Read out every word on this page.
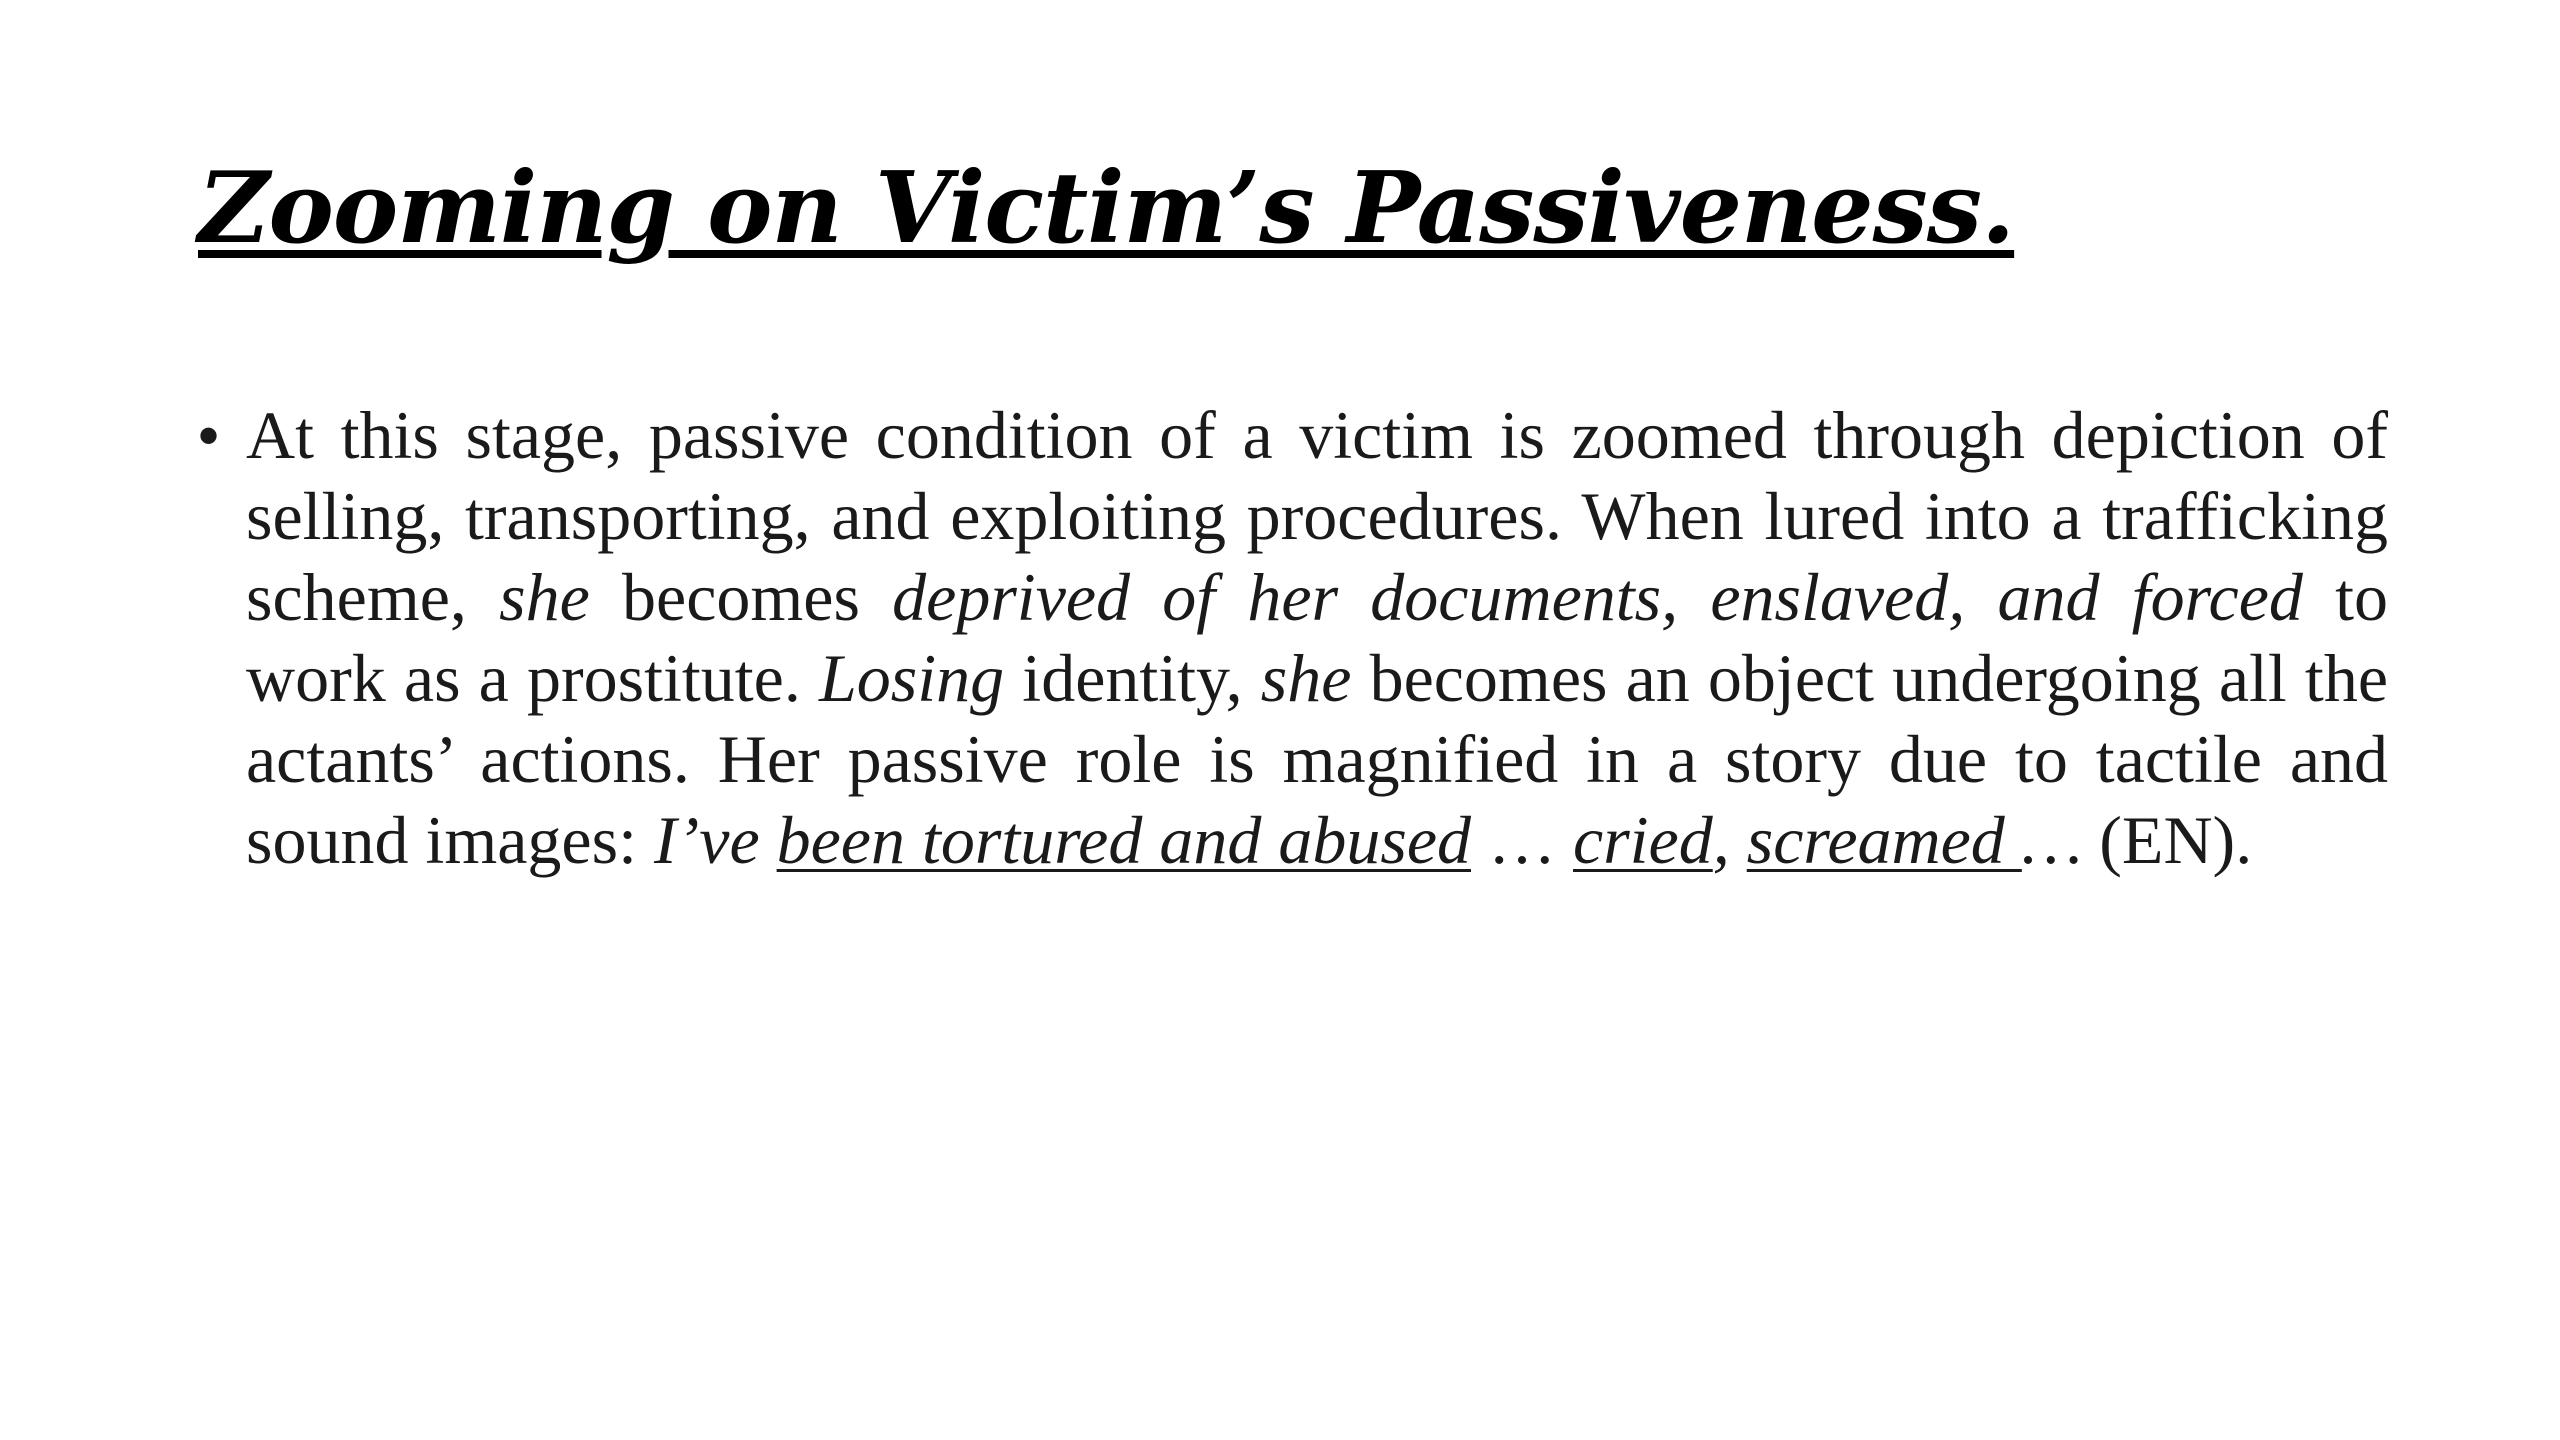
Zooming on Victim’s Passiveness.
• At this stage, passive condition of a victim is zoomed through depiction of selling, transporting, and exploiting procedures. When lured into a trafficking scheme, she becomes deprived of her documents, enslaved, and forced to work as a prostitute. Losing identity, she becomes an object undergoing all the actants’ actions. Her passive role is magnified in a story due to tactile and sound images: I’ve been tortured and abused … cried, screamed … (EN).
